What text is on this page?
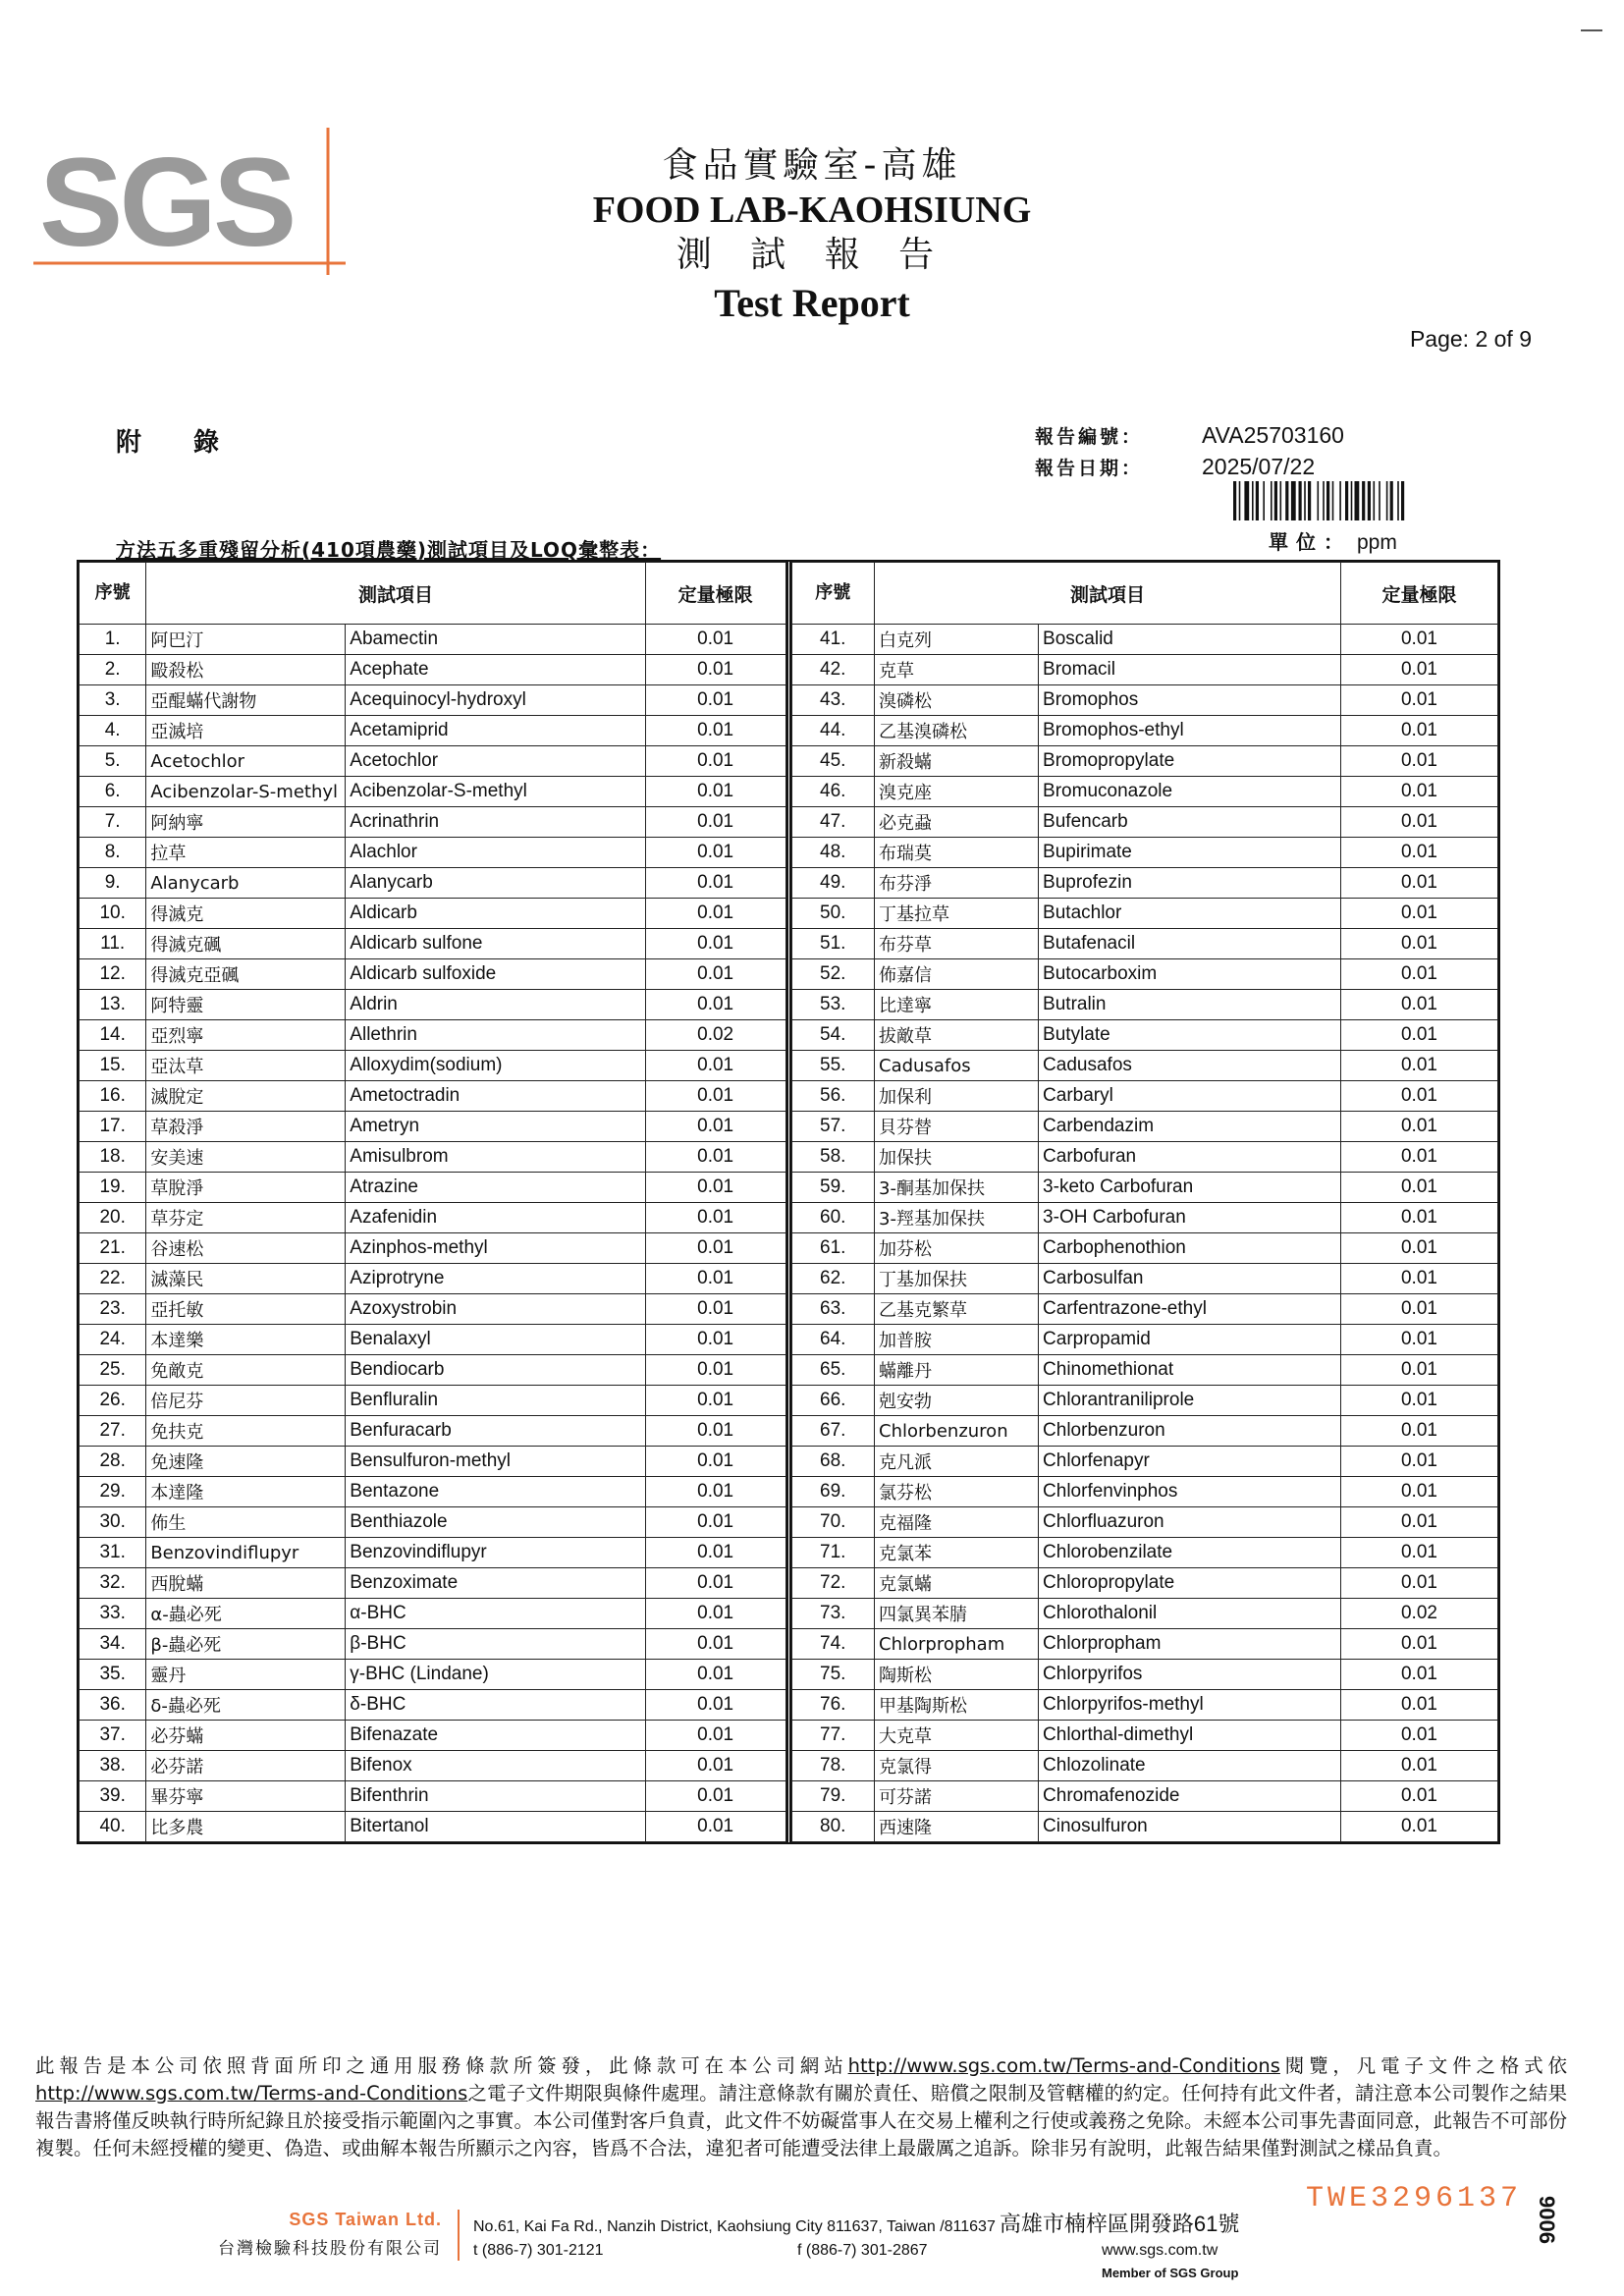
SGS	食品實驗室-高雄
FOOD LAB-KAOHSIUNG
測 試 報 告
Test Report
Page: 2 of 9
附 錄	報告編號：	AVA25703160
報告日期：	2025/07/22
方法五多重殘留分析(410項農藥)測試項目及LOQ彙整表：	單位： ppm
序號	測試項目		定量極限
1.	阿巴汀	Abamectin	0.01
2.	毆殺松	Acephate	0.01
3.	亞醌蟎代謝物	Acequinocyl-hydroxyl	0.01
4.	亞滅培	Acetamiprid	0.01
5.	Acetochlor	Acetochlor	0.01
6.	Acibenzolar-S-methyl	Acibenzolar-S-methyl	0.01
7.	阿納寧	Acrinathrin	0.01
8.	拉草	Alachlor	0.01
9.	Alanycarb	Alanycarb	0.01
10.	得滅克	Aldicarb	0.01
11.	得滅克碸	Aldicarb sulfone	0.01
12.	得滅克亞碸	Aldicarb sulfoxide	0.01
13.	阿特靈	Aldrin	0.01
14.	亞烈寧	Allethrin	0.02
15.	亞汰草	Alloxydim(sodium)	0.01
16.	滅脫定	Ametoctradin	0.01
17.	草殺淨	Ametryn	0.01
18.	安美速	Amisulbrom	0.01
19.	草脫淨	Atrazine	0.01
20.	草芬定	Azafenidin	0.01
21.	谷速松	Azinphos-methyl	0.01
22.	滅藻民	Aziprotryne	0.01
23.	亞托敏	Azoxystrobin	0.01
24.	本達樂	Benalaxyl	0.01
25.	免敵克	Bendiocarb	0.01
26.	倍尼芬	Benfluralin	0.01
27.	免扶克	Benfuracarb	0.01
28.	免速隆	Bensulfuron-methyl	0.01
29.	本達隆	Bentazone	0.01
30.	佈生	Benthiazole	0.01
31.	Benzovindiflupyr	Benzovindiflupyr	0.01
32.	西脫蟎	Benzoximate	0.01
33.	α-蟲必死	α-BHC	0.01
34.	β-蟲必死	β-BHC	0.01
35.	靈丹	γ-BHC (Lindane)	0.01
36.	δ-蟲必死	δ-BHC	0.01
37.	必芬蟎	Bifenazate	0.01
38.	必芬諾	Bifenox	0.01
39.	畢芬寧	Bifenthrin	0.01
40.	比多農	Bitertanol	0.01
序號	測試項目		定量極限
41.	白克列	Boscalid	0.01
42.	克草	Bromacil	0.01
43.	溴磷松	Bromophos	0.01
44.	乙基溴磷松	Bromophos-ethyl	0.01
45.	新殺蟎	Bromopropylate	0.01
46.	溴克座	Bromuconazole	0.01
47.	必克蝨	Bufencarb	0.01
48.	布瑞莫	Bupirimate	0.01
49.	布芬淨	Buprofezin	0.01
50.	丁基拉草	Butachlor	0.01
51.	布芬草	Butafenacil	0.01
52.	佈嘉信	Butocarboxim	0.01
53.	比達寧	Butralin	0.01
54.	拔敵草	Butylate	0.01
55.	Cadusafos	Cadusafos	0.01
56.	加保利	Carbaryl	0.01
57.	貝芬替	Carbendazim	0.01
58.	加保扶	Carbofuran	0.01
59.	3-酮基加保扶	3-keto Carbofuran	0.01
60.	3-羥基加保扶	3-OH Carbofuran	0.01
61.	加芬松	Carbophenothion	0.01
62.	丁基加保扶	Carbosulfan	0.01
63.	乙基克繁草	Carfentrazone-ethyl	0.01
64.	加普胺	Carpropamid	0.01
65.	蟎離丹	Chinomethionat	0.01
66.	剋安勃	Chlorantraniliprole	0.01
67.	Chlorbenzuron	Chlorbenzuron	0.01
68.	克凡派	Chlorfenapyr	0.01
69.	氯芬松	Chlorfenvinphos	0.01
70.	克福隆	Chlorfluazuron	0.01
71.	克氯苯	Chlorobenzilate	0.01
72.	克氯蟎	Chloropropylate	0.01
73.	四氯異苯腈	Chlorothalonil	0.02
74.	Chlorpropham	Chlorpropham	0.01
75.	陶斯松	Chlorpyrifos	0.01
76.	甲基陶斯松	Chlorpyrifos-methyl	0.01
77.	大克草	Chlorthal-dimethyl	0.01
78.	克氯得	Chlozolinate	0.01
79.	可芬諾	Chromafenozide	0.01
80.	西速隆	Cinosulfuron	0.01
此報告是本公司依照背面所印之通用服務條款所簽發，此條款可在本公司網站http://www.sgs.com.tw/Terms-and-Conditions閱覽，凡電子文件之格式依http://www.sgs.com.tw/Terms-and-Conditions之電子文件期限與條件處理。請注意條款有關於責任、賠償之限制及管轄權的約定。任何持有此文件者，請注意本公司製作之結果報告書將僅反映執行時所紀錄且於接受指示範圍內之事實。本公司僅對客戶負責，此文件不妨礙當事人在交易上權利之行使或義務之免除。未經本公司事先書面同意，此報告不可部份複製。任何未經授權的變更、偽造、或曲解本報告所顯示之內容，皆爲不合法，違犯者可能遭受法律上最嚴厲之追訴。除非另有說明，此報告結果僅對測試之樣品負責。
TWE3296137 9006
SGS Taiwan Ltd.
台灣檢驗科技股份有限公司
No.61, Kai Fa Rd., Nanzih District, Kaohsiung City 811637, Taiwan /811637 高雄市楠梓區開發路61號
t (886-7) 301-2121	f (886-7) 301-2867	www.sgs.com.tw
Member of SGS Group
